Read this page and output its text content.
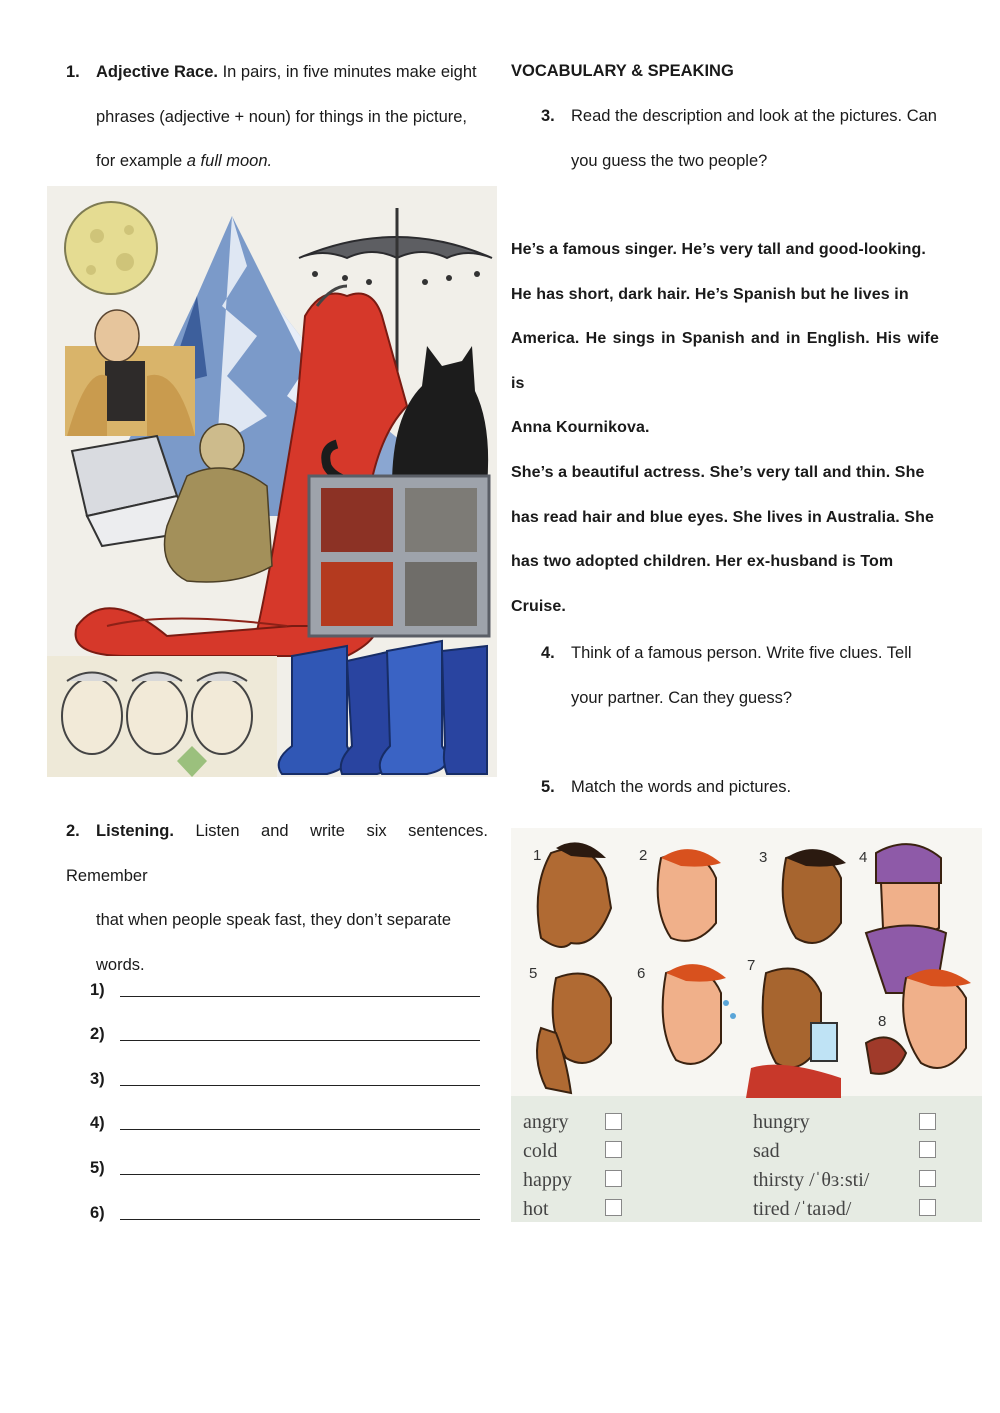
1. Adjective Race. In pairs, in five minutes make eight
phrases (adjective + noun) for things in the picture,
for example a full moon.
VOCABULARY & SPEAKING
3. Read the description and look at the pictures. Can
you guess the two people?
He’s a famous singer. He’s very tall and good-looking.
He has short, dark hair. He’s Spanish but he lives in
America. He sings in Spanish and in English. His wife is
Anna Kournikova.
She’s a beautiful actress. She’s very tall and thin. She
has read hair and blue eyes. She lives in Australia. She
has two adopted children. Her ex-husband is Tom Cruise.
4. Think of a famous person. Write five clues. Tell
your partner. Can they guess?
5. Match the words and pictures.
1	2	3	4
5	6	7
8
angry
cold
happy
hot
hungry
sad
thirsty /ˈθɜːsti/
tired /ˈtaɪəd/
2. Listening. Listen and write six sentences. Remember
that when people speak fast, they don’t separate
words.
1)
2)
3)
4)
5)
6)
